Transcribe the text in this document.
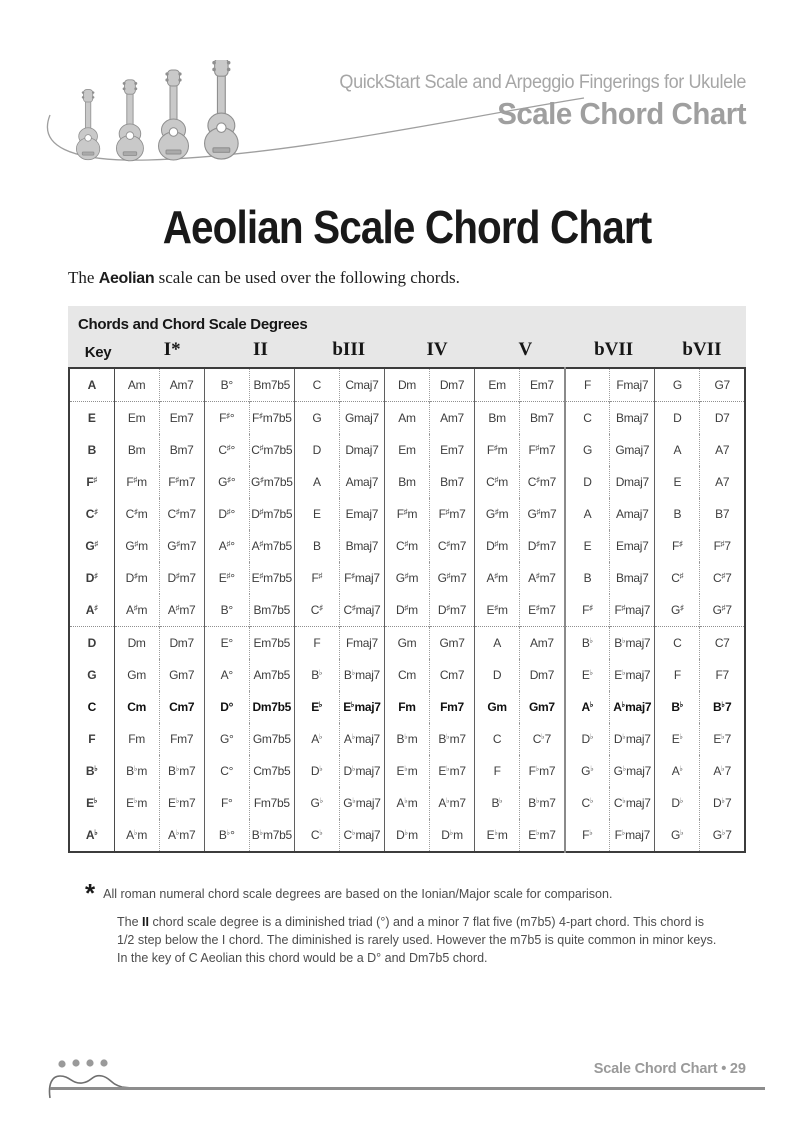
QuickStart Scale and Arpeggio Fingerings for Ukulele
Scale Chord Chart
Aeolian Scale Chord Chart

The Aeolian scale can be used over the following chords.

Chords and Chord Scale Degrees
Key	I*	II	bIII	IV	V	bVII	bVII
A	Am	Am7	B°	Bm7b5	C	Cmaj7	Dm	Dm7	Em	Em7	F	Fmaj7	G	G7
E	Em	Em7	F♯°	F♯m7b5	G	Gmaj7	Am	Am7	Bm	Bm7	C	Bmaj7	D	D7
B	Bm	Bm7	C♯°	C♯m7b5	D	Dmaj7	Em	Em7	F♯m	F♯m7	G	Gmaj7	A	A7
F♯	F♯m	F♯m7	G♯°	G♯m7b5	A	Amaj7	Bm	Bm7	C♯m	C♯m7	D	Dmaj7	E	A7
C♯	C♯m	C♯m7	D♯°	D♯m7b5	E	Emaj7	F♯m	F♯m7	G♯m	G♯m7	A	Amaj7	B	B7
G♯	G♯m	G♯m7	A♯°	A♯m7b5	B	Bmaj7	C♯m	C♯m7	D♯m	D♯m7	E	Emaj7	F♯	F♯7
D♯	D♯m	D♯m7	E♯°	E♯m7b5	F♯	F♯maj7	G♯m	G♯m7	A♯m	A♯m7	B	Bmaj7	C♯	C♯7
A♯	A♯m	A♯m7	B°	Bm7b5	C♯	C♯maj7	D♯m	D♯m7	E♯m	E♯m7	F♯	F♯maj7	G♯	G♯7
D	Dm	Dm7	E°	Em7b5	F	Fmaj7	Gm	Gm7	A	Am7	B♭	B♭maj7	C	C7
G	Gm	Gm7	A°	Am7b5	B♭	B♭maj7	Cm	Cm7	D	Dm7	E♭	E♭maj7	F	F7
C	Cm	Cm7	D°	Dm7b5	E♭	E♭maj7	Fm	Fm7	Gm	Gm7	A♭	A♭maj7	B♭	B♭7
F	Fm	Fm7	G°	Gm7b5	A♭	A♭maj7	B♭m	B♭m7	C	C♭7	D♭	D♭maj7	E♭	E♭7
B♭	B♭m	B♭m7	C°	Cm7b5	D♭	D♭maj7	E♭m	E♭m7	F	F♭m7	G♭	G♭maj7	A♭	A♭7
E♭	E♭m	E♭m7	F°	Fm7b5	G♭	G♭maj7	A♭m	A♭m7	B♭	B♭m7	C♭	C♭maj7	D♭	D♭7
A♭	A♭m	A♭m7	B♭°	B♭m7b5	C♭	C♭maj7	D♭m	D♭m	E♭m	E♭m7	F♭	F♭maj7	G♭	G♭7
* All roman numeral chord scale degrees are based on the Ionian/Major scale for comparison.
The II chord scale degree is a diminished triad (°) and a minor 7 flat five (m7b5) 4-part chord. This chord is 1/2 step below the I chord. The diminished is rarely used. However the m7b5 is quite common in minor keys. In the key of C Aeolian this chord would be a D° and Dm7b5 chord.
Scale Chord Chart • 29
